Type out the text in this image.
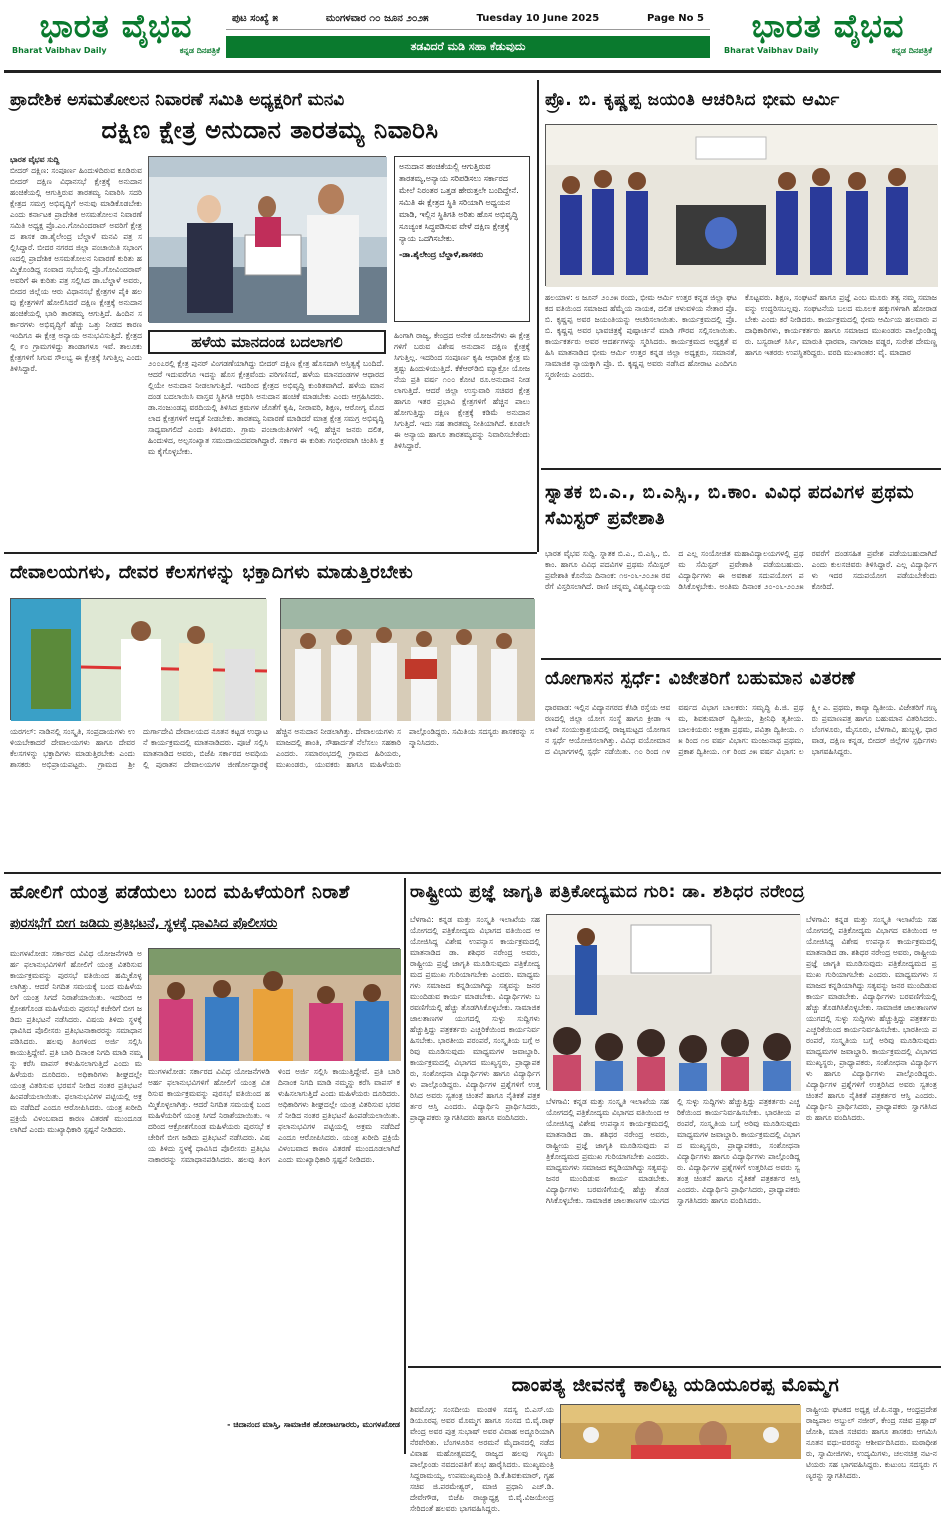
ಭಾರತ ವೈಭವ
Bharat Vaibhav Daily	ಕನ್ನಡ ದಿನಪತ್ರಿಕೆ
ಭಾರತ ವೈಭವ
Bharat Vaibhav Daily	ಕನ್ನಡ ದಿನಪತ್ರಿಕೆ
ಪುಟ ಸಂಖ್ಯೆ ೫	ಮಂಗಳವಾರ ೧೦ ಜೂನ ೨೦೨೫	Tuesday 10 June 2025	Page No 5
ತಡವಿದರೆ ಮಡಿ ಸಹಾ ಕೆಡುವುದು
ಪ್ರಾದೇಶಿಕ ಅಸಮತೋಲನ ನಿವಾರಣೆ ಸಮಿತಿ ಅಧ್ಯಕ್ಷರಿಗೆ ಮನವಿ
ದಕ್ಷಿಣ ಕ್ಷೇತ್ರ ಅನುದಾನ ತಾರತಮ್ಯ ನಿವಾರಿಸಿ
ಭಾರತ ವೈಭವ ಸುದ್ದಿ
ಬೀದರ್ ದಕ್ಷಿಣ: ಸಂಪೂರ್ಣ ಹಿಂದುಳಿದಿರುವ ಕೂಡಿರುವ ಬೀದರ್ ದಕ್ಷಿಣ ವಿಧಾನಸಭೆ ಕ್ಷೇತ್ರಕ್ಕೆ ಅನುದಾನ ಹಂಚಿಕೆಯಲ್ಲಿ ಆಗುತ್ತಿರುವ ತಾರತಮ್ಯ ನಿವಾರಿಸಿ ಸದರಿ ಕ್ಷೇತ್ರದ ಸಮಗ್ರ ಅಭಿವೃದ್ಧಿಗೆ ಅನುವು ಮಾಡಿಕೊಡಬೇಕು ಎಂದು ಕರ್ನಾಟಕ ಪ್ರಾದೇಶಿಕ ಅಸಮತೋಲನ ನಿವಾರಣೆ ಸಮಿತಿ ಅಧ್ಯಕ್ಷ ಪ್ರೊ.ಎಂ.ಗೋವಿಂದರಾವ್ ಅವರಿಗೆ ಕ್ಷೇತ್ರದ ಶಾಸಕ ಡಾ.ಶೈಲೇಂದ್ರ ಬೆಲ್ದಾಳೆ ಮನವಿ ಪತ್ರ ಸಲ್ಲಿಸಿದ್ದಾರೆ. ಬೀದರ ನಗರದ ಜಿಲ್ಲಾ ಪಂಚಾಯಿತಿ ಸಭಾಂಗಣದಲ್ಲಿ ಪ್ರಾದೇಶಿಕ ಅಸಮತೋಲನ ನಿವಾರಣೆ ಕುರಿತು ಹಮ್ಮಿಕೊಂಡಿದ್ದ ಸಂವಾದ ಸಭೆಯಲ್ಲಿ ಪ್ರೊ.ಗೋವಿಂದರಾವ್ ಅವರಿಗೆ ಈ ಕುರಿತು ಪತ್ರ ಸಲ್ಲಿಸಿದ ಡಾ.ಬೆಲ್ದಾಳೆ ಅವರು, ಬೀದರ ಜಿಲ್ಲೆಯ ಆರು ವಿಧಾನಸಭೆ ಕ್ಷೇತ್ರಗಳ ಪೈಕಿ ಹಲವು ಕ್ಷೇತ್ರಗಳಿಗೆ ಹೋಲಿಸಿದರೆ ದಕ್ಷಿಣ ಕ್ಷೇತ್ರಕ್ಕೆ ಅನುದಾನ ಹಂಚಿಕೆಯಲ್ಲಿ ಭಾರಿ ತಾರತಮ್ಯ ಆಗುತ್ತಿದೆ. ಹಿಂದಿನ ಸರ್ಕಾರಗಳು ಅಭಿವೃದ್ಧಿಗೆ ಹೆಚ್ಚು ಒತ್ತು ನೀಡದ ಕಾರಣ ಇಂದಿಗೂ ಈ ಕ್ಷೇತ್ರ ಅನ್ಯಾಯ ಅನುಭವಿಸುತ್ತಿದೆ. ಕ್ಷೇತ್ರದಲ್ಲಿ ೯೦ ಗ್ರಾಮಗಳಿದ್ದು ತಾಂಡಾಗಳೂ ಇವೆ. ತಾಲೂಕು ಕ್ಷೇತ್ರಗಳಿಗೆ ಸಿಗುವ ಸೌಲಭ್ಯ ಈ ಕ್ಷೇತ್ರಕ್ಕೆ ಸಿಗುತ್ತಿಲ್ಲ ಎಂದು ತಿಳಿಸಿದ್ದಾರೆ.
ಅನುದಾನ ಹಂಚಿಕೆಯಲ್ಲಿ ಆಗುತ್ತಿರುವ ತಾರತಮ್ಯ,ಅನ್ಯಾಯ ಸರಿಪಡಿಸಲು ಸರ್ಕಾರದ ಮೇಲೆ ನಿರಂತರ ಒತ್ತಡ ಹೇರುತ್ತಲೇ ಬಂದಿದ್ದೇನೆ. ಸಮಿತಿ ಈ ಕ್ಷೇತ್ರದ ಸ್ಥಿತಿ ಸರಿಯಾಗಿ ಅಧ್ಯಯನ ಮಾಡಿ, ಇಲ್ಲಿನ ಸ್ಥಿತಿಗತಿ ಅರಿತು ಹೊಸ ಅಭಿವೃದ್ಧಿ ಸೂಚ್ಯಂಕ ಸಿದ್ಧಪಡಿಸುವ ವೇಳೆ ದಕ್ಷಿಣ ಕ್ಷೇತ್ರಕ್ಕೆ ನ್ಯಾಯ ಒದಗಿಸಬೇಕು.
-ಡಾ.ಶೈಲೇಂದ್ರ ಬೆಲ್ದಾಳೆ,ಶಾಸಕರು
ಹಳೆಯ ಮಾನದಂಡ ಬದಲಾಗಲಿ
೨೦೦೭ರಲ್ಲಿ ಕ್ಷೇತ್ರ ಪುನರ್ ವಿಂಗಡಣೆಯಾಗಿದ್ದು ಬೀದರ್ ದಕ್ಷಿಣ ಕ್ಷೇತ್ರ ಹೊಸದಾಗಿ ಅಸ್ತಿತ್ವಕ್ಕೆ ಬಂದಿದೆ. ಆದರೆ ಇದುವರೆಗೂ ಇದನ್ನು ಹೊಸ ಕ್ಷೇತ್ರವೆಂದು ಪರಿಗಣಿಸದೆ, ಹಳೆಯ ಮಾನದಂಡಗಳ ಆಧಾರದಲ್ಲಿಯೇ ಅನುದಾನ ನೀಡಲಾಗುತ್ತಿದೆ. ಇದರಿಂದ ಕ್ಷೇತ್ರದ ಅಭಿವೃದ್ಧಿ ಕುಂಠಿತವಾಗಿದೆ. ಹಳೆಯ ಮಾನದಂಡ ಬದಲಾಯಿಸಿ ವಾಸ್ತವ ಸ್ಥಿತಿಗತಿ ಆಧರಿಸಿ ಅನುದಾನ ಹಂಚಿಕೆ ಮಾಡಬೇಕು ಎಂದು ಆಗ್ರಹಿಸಿದರು. ಡಾ.ನಂಜುಂಡಪ್ಪ ವರದಿಯಲ್ಲಿ ತಿಳಿಸಿದ ಕ್ರಮಗಳ ಜೊತೆಗೆ ಕೃಷಿ, ನೀರಾವರಿ, ಶಿಕ್ಷಣ, ಆರೋಗ್ಯ ಮೊದಲಾದ ಕ್ಷೇತ್ರಗಳಿಗೆ ಆದ್ಯತೆ ನೀಡಬೇಕು. ತಾರತಮ್ಯ ನಿವಾರಣೆ ಮಾಡಿದರೆ ಮಾತ್ರ ಕ್ಷೇತ್ರ ಸಮಗ್ರ ಅಭಿವೃದ್ಧಿ ಸಾಧ್ಯವಾಗಲಿದೆ ಎಂದು ತಿಳಿಸಿದರು. ಗ್ರಾಮ ಪಂಚಾಯಿತಿಗಳಿಗೆ ಇಲ್ಲಿ ಹೆಚ್ಚಿನ ಜನರು ದಲಿತ,ಹಿಂದುಳಿದ, ಅಲ್ಪಸಂಖ್ಯಾತ ಸಮುದಾಯದವರಾಗಿದ್ದಾರೆ. ಸರ್ಕಾರ ಈ ಕುರಿತು ಗಂಭೀರವಾಗಿ ಚಿಂತಿಸಿ ಕ್ರಮ ಕೈಗೊಳ್ಳಬೇಕು.
ಹಿಂಗಾಗಿ ರಾಜ್ಯ, ಕೇಂದ್ರದ ಅನೇಕ ಯೋಜನೆಗಳು ಈ ಕ್ಷೇತ್ರಗಳಿಗೆ ಬರುವ ವಿಶೇಷ ಅನುದಾನ ದಕ್ಷಿಣ ಕ್ಷೇತ್ರಕ್ಕೆ ಸಿಗುತ್ತಿಲ್ಲ. ಇದರಿಂದ ಸಂಪೂರ್ಣ ಕೃಷಿ ಆಧಾರಿತ ಕ್ಷೇತ್ರ ಮತ್ತಷ್ಟು ಹಿಂದುಳಿಯುತ್ತಿದೆ. ಕೆಕೆಆರ್‌ಡಿಬಿ ಮ್ಯಾಕ್ರೋ ಯೋಜನೆಯ ಪ್ರತಿ ವರ್ಷ ೧೦೦ ಕೋಟಿ ರೂ.ಅನುದಾನ ನೀಡಲಾಗುತ್ತಿದೆ. ಆದರೆ ಜಿಲ್ಲಾ ಉಸ್ತುವಾರಿ ಸಚಿವರ ಕ್ಷೇತ್ರ ಹಾಗೂ ಇತರ ಪ್ರಭಾವಿ ಕ್ಷೇತ್ರಗಳಿಗೆ ಹೆಚ್ಚಿನ ಪಾಲು ಹೋಗುತ್ತಿದ್ದು ದಕ್ಷಿಣ ಕ್ಷೇತ್ರಕ್ಕೆ ಕಡಿಮೆ ಅನುದಾನ ಸಿಗುತ್ತಿದೆ. ಇದು ಸಹ ತಾರತಮ್ಯ ನೀತಿಯಾಗಿದೆ. ಕೂಡಲೇ ಈ ಅನ್ಯಾಯ ಹಾಗೂ ತಾರತಮ್ಯವನ್ನು ನಿವಾರಿಸಬೇಕೆಂದು ತಿಳಿಸಿದ್ದಾರೆ.
ಪ್ರೊ. ಬಿ. ಕೃಷ್ಣಪ್ಪ ಜಯಂತಿ ಆಚರಿಸಿದ ಭೀಮ ಆರ್ಮಿ
ಹಲಯಾಳ: ೮ ಜೂನ್ ೨೦೨೫ ರಂದು, ಭೀಮ ಆರ್ಮಿ ಉತ್ತರ ಕನ್ನಡ ಜಿಲ್ಲಾ ಘಟಕದ ವತಿಯಿಂದ ಸಮಾಜದ ಹೆಮ್ಮೆಯ ನಾಯಕ, ದಲಿತ ಚಳುವಳಿಯ ನೇತಾರ ಪ್ರೊ. ಬಿ. ಕೃಷ್ಣಪ್ಪ ಅವರ ಜಯಂತಿಯನ್ನು ಆಚರಿಸಲಾಯಿತು. ಕಾರ್ಯಕ್ರಮದಲ್ಲಿ ಪ್ರೊ. ಬಿ. ಕೃಷ್ಣಪ್ಪ ಅವರ ಭಾವಚಿತ್ರಕ್ಕೆ ಪುಷ್ಪಾರ್ಚನೆ ಮಾಡಿ ಗೌರವ ಸಲ್ಲಿಸಲಾಯಿತು. ಕಾರ್ಯಕರ್ತರು ಅವರ ಆದರ್ಶಗಳನ್ನು ಸ್ಮರಿಸಿದರು. ಕಾರ್ಯಕ್ರಮದ ಅಧ್ಯಕ್ಷತೆ ವಹಿಸಿ ಮಾತನಾಡಿದ ಭೀಮ ಆರ್ಮಿ ಉತ್ತರ ಕನ್ನಡ ಜಿಲ್ಲಾ ಅಧ್ಯಕ್ಷರು, ಸಮಾನತೆ, ಸಾಮಾಜಿಕ ನ್ಯಾಯಕ್ಕಾಗಿ ಪ್ರೊ. ಬಿ. ಕೃಷ್ಣಪ್ಪ ಅವರು ನಡೆಸಿದ ಹೋರಾಟ ಎಂದಿಗೂ ಸ್ಮರಣೀಯ ಎಂದರು.
ಕೊಟ್ಟವರು. ಶಿಕ್ಷಣ, ಸಂಘಟನೆ ಹಾಗೂ ಪ್ರಜ್ಞೆ ಎಂಬ ಮೂರು ತತ್ವ ನಮ್ಮ ಸಮಾಜವನ್ನು ಉದ್ಧರಿಸಬಲ್ಲವು. ಸಂಘಟನೆಯ ಬಲದ ಮೂಲಕ ಹಕ್ಕುಗಳಿಗಾಗಿ ಹೋರಾಡಬೇಕು ಎಂದು ಕರೆ ನೀಡಿದರು. ಕಾರ್ಯಕ್ರಮದಲ್ಲಿ ಭೀಮ ಆರ್ಮಿಯ ಹಲವಾರು ಪದಾಧಿಕಾರಿಗಳು, ಕಾರ್ಯಕರ್ತರು ಹಾಗೂ ಸಮಾಜದ ಮುಖಂಡರು ಪಾಲ್ಗೊಂಡಿದ್ದರು. ಬಸ್ವರಾಜ್ ಸಿರ್ಸಿ, ಮಾರುತಿ ಧಾರವಾ, ನಾಗರಾಜ ವಡ್ಡರ, ಸುರೇಶ ದೇಮಣ್ಣ ಹಾಗೂ ಇತರರು ಉಪಸ್ಥಿತರಿದ್ದರು. ವರದಿ ಮುಖಾಂತರ: ವೈ. ಮಾದಾರ
ಸ್ನಾತಕ ಬಿ.ಎ., ಬಿ.ಎಸ್ಸಿ., ಬಿ.ಕಾಂ. ವಿವಿಧ ಪದವಿಗಳ ಪ್ರಥಮ ಸೆಮಿಸ್ಟರ್ ಪ್ರವೇಶಾತಿ
ಭಾರತ ವೈಭವ ಸುದ್ದಿ. ಸ್ನಾತಕ ಬಿ.ಎ., ಬಿ.ಎಸ್ಸಿ., ಬಿ.ಕಾಂ. ಹಾಗೂ ವಿವಿಧ ಪದವಿಗಳ ಪ್ರಥಮ ಸೆಮಿಸ್ಟರ್ ಪ್ರವೇಶಾತಿ ಕೊನೆಯ ದಿನಾಂಕ: ೧೮-೦೬-೨೦೨೫ ರವರೆಗೆ ವಿಸ್ತರಿಸಲಾಗಿದೆ. ರಾಣಿ ಚನ್ನಮ್ಮ ವಿಶ್ವವಿದ್ಯಾಲಯದ ಎಲ್ಲ ಸಂಯೋಜಿತ ಮಹಾವಿದ್ಯಾಲಯಗಳಲ್ಲಿ ಪ್ರಥಮ ಸೆಮಿಸ್ಟರ್ ಪ್ರವೇಶಾತಿ ಪಡೆಯಬಹುದು. ವಿದ್ಯಾರ್ಥಿಗಳು ಈ ಅವಕಾಶ ಸದುಪಯೋಗ ಪಡಿಸಿಕೊಳ್ಳಬೇಕು. ಅಂತಿಮ ದಿನಾಂಕ ೨೦-೦೬-೨೦೨೫ ರವರೆಗೆ ದಂಡಸಹಿತ ಪ್ರವೇಶ ಪಡೆಯಬಹುದಾಗಿದೆ ಎಂದು ಕುಲಸಚಿವರು ತಿಳಿಸಿದ್ದಾರೆ. ಎಲ್ಲ ವಿದ್ಯಾರ್ಥಿಗಳು ಇದರ ಸದುಪಯೋಗ ಪಡೆಯಬೇಕೆಂದು ಕೋರಿದೆ.
ಯೋಗಾಸನ ಸ್ಪರ್ಧೆ: ವಿಜೇತರಿಗೆ ಬಹುಮಾನ ವಿತರಣೆ
ಧಾರವಾಡ: ಇಲ್ಲಿನ ವಿದ್ಯಾನಗರದ ಕೆಸಿಡಿ ರಸ್ತೆಯ ಆವರಣದಲ್ಲಿ ಜಿಲ್ಲಾ ಯೋಗ ಸಂಸ್ಥೆ ಹಾಗೂ ಕ್ರೀಡಾ ಇಲಾಖೆ ಸಂಯುಕ್ತಾಶ್ರಯದಲ್ಲಿ ರಾಜ್ಯಮಟ್ಟದ ಯೋಗಾಸನ ಸ್ಪರ್ಧೆ ಆಯೋಜಿಸಲಾಗಿತ್ತು. ವಿವಿಧ ವಯೋಮಾನದ ವಿಭಾಗಗಳಲ್ಲಿ ಸ್ಪರ್ಧೆ ನಡೆಯಿತು. ೧೦ ರಿಂದ ೧೪ ವರ್ಷದ ವಿಭಾಗ ಬಾಲಕರು: ಸಮೃದ್ಧಿ ಪಿ.ಜಿ. ಪ್ರಥಮ, ಶಿವಕುಮಾರ್ ದ್ವಿತೀಯ, ಶ್ರೀನಿಧಿ ತೃತೀಯ. ಬಾಲಕಿಯರು: ಅಕ್ಷತಾ ಪ್ರಥಮ, ಪವಿತ್ರಾ ದ್ವಿತೀಯ. ೧೫ ರಿಂದ ೧೮ ವರ್ಷ ವಿಭಾಗ: ಮಂಜುನಾಥ ಪ್ರಥಮ, ಪ್ರಕಾಶ ದ್ವಿತೀಯ. ೧೯ ರಿಂದ ೨೫ ವರ್ಷ ವಿಭಾಗ: ಲಕ್ಷ್ಮೀ ಎ. ಪ್ರಥಮ, ಕಾವ್ಯಾ ದ್ವಿತೀಯ. ವಿಜೇತರಿಗೆ ಗಣ್ಯರು ಪ್ರಮಾಣಪತ್ರ ಹಾಗೂ ಬಹುಮಾನ ವಿತರಿಸಿದರು. ಬೆಂಗಳೂರು, ಮೈಸೂರು, ಬೆಳಗಾವಿ, ಹುಬ್ಬಳ್ಳಿ, ಧಾರವಾಡ, ದಕ್ಷಿಣ ಕನ್ನಡ, ಬೀದರ್ ಜಿಲ್ಲೆಗಳ ಸ್ಪರ್ಧಿಗಳು ಭಾಗವಹಿಸಿದ್ದರು.
ದೇವಾಲಯಗಳು, ದೇವರ ಕೆಲಸಗಳನ್ನು ಭಕ್ತಾದಿಗಳು ಮಾಡುತ್ತಿರಬೇಕು
ಯರಗಲ್: ನಾಡಿನಲ್ಲಿ ಸಂಸ್ಕೃತಿ, ಸಂಪ್ರದಾಯಗಳು ಉಳಿಯಬೇಕಾದರೆ ದೇವಾಲಯಗಳು ಹಾಗೂ ದೇವರ ಕೆಲಸಗಳನ್ನು ಭಕ್ತಾದಿಗಳು ಮಾಡುತ್ತಿರಬೇಕು ಎಂದು ಶಾಸಕರು ಅಭಿಪ್ರಾಯಪಟ್ಟರು. ಗ್ರಾಮದ ಶ್ರೀ ದುರ್ಗಾದೇವಿ ದೇವಾಲಯದ ನೂತನ ಕಟ್ಟಡ ಉದ್ಘಾಟನೆ ಕಾರ್ಯಕ್ರಮದಲ್ಲಿ ಮಾತನಾಡಿದರು. ಪೂಜೆ ಸಲ್ಲಿಸಿ ಮಾತನಾಡಿದ ಅವರು, ಬಿಜೆಪಿ ಸರ್ಕಾರದ ಅವಧಿಯಲ್ಲಿ ಪುರಾತನ ದೇವಾಲಯಗಳ ಜೀರ್ಣೋದ್ಧಾರಕ್ಕೆ ಹೆಚ್ಚಿನ ಅನುದಾನ ನೀಡಲಾಗಿತ್ತು. ದೇವಾಲಯಗಳು ಸಮಾಜದಲ್ಲಿ ಶಾಂತಿ, ಸೌಹಾರ್ದತೆ ನೆಲೆಸಲು ಸಹಕಾರಿ ಎಂದರು. ಸಮಾರಂಭದಲ್ಲಿ ಗ್ರಾಮದ ಹಿರಿಯರು, ಮುಖಂಡರು, ಯುವಕರು ಹಾಗೂ ಮಹಿಳೆಯರು ಪಾಲ್ಗೊಂಡಿದ್ದರು. ಸಮಿತಿಯ ಸದಸ್ಯರು ಶಾಸಕರನ್ನು ಸನ್ಮಾನಿಸಿದರು.
ಹೋಲಿಗೆ ಯಂತ್ರ ಪಡೆಯಲು ಬಂದ ಮಹಿಳೆಯರಿಗೆ ನಿರಾಶೆ
ಪುರಸಭೆಗೆ ಬೀಗ ಜಡಿದು ಪ್ರತಿಭಟನೆ, ಸ್ಥಳಕ್ಕೆ ಧಾವಿಸಿದ ಪೊಲೀಸರು
ಮುಗಳಖೋಡ: ಸರ್ಕಾರದ ವಿವಿಧ ಯೋಜನೆಗಳಡಿ ಅರ್ಹ ಫಲಾನುಭವಿಗಳಿಗೆ ಹೋಲಿಗೆ ಯಂತ್ರ ವಿತರಿಸುವ ಕಾರ್ಯಕ್ರಮವನ್ನು ಪುರಸಭೆ ವತಿಯಿಂದ ಹಮ್ಮಿಕೊಳ್ಳಲಾಗಿತ್ತು. ಆದರೆ ನಿಗದಿತ ಸಮಯಕ್ಕೆ ಬಂದ ಮಹಿಳೆಯರಿಗೆ ಯಂತ್ರ ಸಿಗದೆ ನಿರಾಶೆಯಾಯಿತು. ಇದರಿಂದ ಆಕ್ರೋಶಗೊಂಡ ಮಹಿಳೆಯರು ಪುರಸಭೆ ಕಚೇರಿಗೆ ಬೀಗ ಜಡಿದು ಪ್ರತಿಭಟನೆ ನಡೆಸಿದರು. ವಿಷಯ ತಿಳಿದು ಸ್ಥಳಕ್ಕೆ ಧಾವಿಸಿದ ಪೊಲೀಸರು ಪ್ರತಿಭಟನಾಕಾರರನ್ನು ಸಮಾಧಾನಪಡಿಸಿದರು. ಹಲವು ತಿಂಗಳಿಂದ ಅರ್ಜಿ ಸಲ್ಲಿಸಿ ಕಾಯುತ್ತಿದ್ದೇವೆ. ಪ್ರತಿ ಬಾರಿ ದಿನಾಂಕ ನಿಗದಿ ಮಾಡಿ ನಮ್ಮನ್ನು ಕರೆಸಿ ವಾಪಸ್ ಕಳುಹಿಸಲಾಗುತ್ತಿದೆ ಎಂದು ಮಹಿಳೆಯರು ದೂರಿದರು. ಅಧಿಕಾರಿಗಳು ಶೀಘ್ರದಲ್ಲೇ ಯಂತ್ರ ವಿತರಿಸುವ ಭರವಸೆ ನೀಡಿದ ನಂತರ ಪ್ರತಿಭಟನೆ ಹಿಂಪಡೆಯಲಾಯಿತು. ಫಲಾನುಭವಿಗಳ ಪಟ್ಟಿಯಲ್ಲಿ ಅಕ್ರಮ ನಡೆದಿದೆ ಎಂದೂ ಆರೋಪಿಸಿದರು. ಯಂತ್ರ ಖರೀದಿ ಪ್ರಕ್ರಿಯೆ ವಿಳಂಬವಾದ ಕಾರಣ ವಿತರಣೆ ಮುಂದೂಡಲಾಗಿದೆ ಎಂದು ಮುಖ್ಯಾಧಿಕಾರಿ ಸ್ಪಷ್ಟನೆ ನೀಡಿದರು.
ಮುಗಳಖೋಡ: ಸರ್ಕಾರದ ವಿವಿಧ ಯೋಜನೆಗಳಡಿ ಅರ್ಹ ಫಲಾನುಭವಿಗಳಿಗೆ ಹೋಲಿಗೆ ಯಂತ್ರ ವಿತರಿಸುವ ಕಾರ್ಯಕ್ರಮವನ್ನು ಪುರಸಭೆ ವತಿಯಿಂದ ಹಮ್ಮಿಕೊಳ್ಳಲಾಗಿತ್ತು. ಆದರೆ ನಿಗದಿತ ಸಮಯಕ್ಕೆ ಬಂದ ಮಹಿಳೆಯರಿಗೆ ಯಂತ್ರ ಸಿಗದೆ ನಿರಾಶೆಯಾಯಿತು. ಇದರಿಂದ ಆಕ್ರೋಶಗೊಂಡ ಮಹಿಳೆಯರು ಪುರಸಭೆ ಕಚೇರಿಗೆ ಬೀಗ ಜಡಿದು ಪ್ರತಿಭಟನೆ ನಡೆಸಿದರು. ವಿಷಯ ತಿಳಿದು ಸ್ಥಳಕ್ಕೆ ಧಾವಿಸಿದ ಪೊಲೀಸರು ಪ್ರತಿಭಟನಾಕಾರರನ್ನು ಸಮಾಧಾನಪಡಿಸಿದರು. ಹಲವು ತಿಂಗಳಿಂದ ಅರ್ಜಿ ಸಲ್ಲಿಸಿ ಕಾಯುತ್ತಿದ್ದೇವೆ. ಪ್ರತಿ ಬಾರಿ ದಿನಾಂಕ ನಿಗದಿ ಮಾಡಿ ನಮ್ಮನ್ನು ಕರೆಸಿ ವಾಪಸ್ ಕಳುಹಿಸಲಾಗುತ್ತಿದೆ ಎಂದು ಮಹಿಳೆಯರು ದೂರಿದರು. ಅಧಿಕಾರಿಗಳು ಶೀಘ್ರದಲ್ಲೇ ಯಂತ್ರ ವಿತರಿಸುವ ಭರವಸೆ ನೀಡಿದ ನಂತರ ಪ್ರತಿಭಟನೆ ಹಿಂಪಡೆಯಲಾಯಿತು. ಫಲಾನುಭವಿಗಳ ಪಟ್ಟಿಯಲ್ಲಿ ಅಕ್ರಮ ನಡೆದಿದೆ ಎಂದೂ ಆರೋಪಿಸಿದರು. ಯಂತ್ರ ಖರೀದಿ ಪ್ರಕ್ರಿಯೆ ವಿಳಂಬವಾದ ಕಾರಣ ವಿತರಣೆ ಮುಂದೂಡಲಾಗಿದೆ ಎಂದು ಮುಖ್ಯಾಧಿಕಾರಿ ಸ್ಪಷ್ಟನೆ ನೀಡಿದರು.
- ಚಿದಾನಂದ ಮಾಸ್ತಿ, ಸಾಮಾಜಿಕ ಹೋರಾಟಗಾರರು, ಮುಗಳಖೋಡ
ರಾಷ್ಟ್ರೀಯ ಪ್ರಜ್ಞೆ ಜಾಗೃತಿ ಪತ್ರಿಕೋದ್ಯಮದ ಗುರಿ: ಡಾ. ಶಶಿಧರ ನರೇಂದ್ರ
ಬೆಳಗಾವಿ: ಕನ್ನಡ ಮತ್ತು ಸಂಸ್ಕೃತಿ ಇಲಾಖೆಯ ಸಹಯೋಗದಲ್ಲಿ ಪತ್ರಿಕೋದ್ಯಮ ವಿಭಾಗದ ವತಿಯಿಂದ ಆಯೋಜಿಸಿದ್ದ ವಿಶೇಷ ಉಪನ್ಯಾಸ ಕಾರ್ಯಕ್ರಮದಲ್ಲಿ ಮಾತನಾಡಿದ ಡಾ. ಶಶಿಧರ ನರೇಂದ್ರ ಅವರು, ರಾಷ್ಟ್ರೀಯ ಪ್ರಜ್ಞೆ ಜಾಗೃತಿ ಮೂಡಿಸುವುದು ಪತ್ರಿಕೋದ್ಯಮದ ಪ್ರಮುಖ ಗುರಿಯಾಗಬೇಕು ಎಂದರು. ಮಾಧ್ಯಮಗಳು ಸಮಾಜದ ಕನ್ನಡಿಯಾಗಿದ್ದು ಸತ್ಯವನ್ನು ಜನರ ಮುಂದಿಡುವ ಕಾರ್ಯ ಮಾಡಬೇಕು. ವಿದ್ಯಾರ್ಥಿಗಳು ಬರವಣಿಗೆಯಲ್ಲಿ ಹೆಚ್ಚು ತೊಡಗಿಸಿಕೊಳ್ಳಬೇಕು. ಸಾಮಾಜಿಕ ಜಾಲತಾಣಗಳ ಯುಗದಲ್ಲಿ ಸುಳ್ಳು ಸುದ್ದಿಗಳು ಹೆಚ್ಚುತ್ತಿದ್ದು ಪತ್ರಕರ್ತರು ಎಚ್ಚರಿಕೆಯಿಂದ ಕಾರ್ಯನಿರ್ವಹಿಸಬೇಕು. ಭಾರತೀಯ ಪರಂಪರೆ, ಸಂಸ್ಕೃತಿಯ ಬಗ್ಗೆ ಅರಿವು ಮೂಡಿಸುವುದು ಮಾಧ್ಯಮಗಳ ಜವಾಬ್ದಾರಿ. ಕಾರ್ಯಕ್ರಮದಲ್ಲಿ ವಿಭಾಗದ ಮುಖ್ಯಸ್ಥರು, ಪ್ರಾಧ್ಯಾಪಕರು, ಸಂಶೋಧನಾ ವಿದ್ಯಾರ್ಥಿಗಳು ಹಾಗೂ ವಿದ್ಯಾರ್ಥಿಗಳು ಪಾಲ್ಗೊಂಡಿದ್ದರು. ವಿದ್ಯಾರ್ಥಿಗಳ ಪ್ರಶ್ನೆಗಳಿಗೆ ಉತ್ತರಿಸಿದ ಅವರು ಸ್ವತಂತ್ರ ಚಿಂತನೆ ಹಾಗೂ ನೈತಿಕತೆ ಪತ್ರಕರ್ತರ ಆಸ್ತಿ ಎಂದರು. ವಿದ್ಯಾರ್ಥಿನಿ ಪ್ರಾರ್ಥಿಸಿದರು, ಪ್ರಾಧ್ಯಾಪಕರು ಸ್ವಾಗತಿಸಿದರು ಹಾಗೂ ವಂದಿಸಿದರು.
ಬೆಳಗಾವಿ: ಕನ್ನಡ ಮತ್ತು ಸಂಸ್ಕೃತಿ ಇಲಾಖೆಯ ಸಹಯೋಗದಲ್ಲಿ ಪತ್ರಿಕೋದ್ಯಮ ವಿಭಾಗದ ವತಿಯಿಂದ ಆಯೋಜಿಸಿದ್ದ ವಿಶೇಷ ಉಪನ್ಯಾಸ ಕಾರ್ಯಕ್ರಮದಲ್ಲಿ ಮಾತನಾಡಿದ ಡಾ. ಶಶಿಧರ ನರೇಂದ್ರ ಅವರು, ರಾಷ್ಟ್ರೀಯ ಪ್ರಜ್ಞೆ ಜಾಗೃತಿ ಮೂಡಿಸುವುದು ಪತ್ರಿಕೋದ್ಯಮದ ಪ್ರಮುಖ ಗುರಿಯಾಗಬೇಕು ಎಂದರು. ಮಾಧ್ಯಮಗಳು ಸಮಾಜದ ಕನ್ನಡಿಯಾಗಿದ್ದು ಸತ್ಯವನ್ನು ಜನರ ಮುಂದಿಡುವ ಕಾರ್ಯ ಮಾಡಬೇಕು. ವಿದ್ಯಾರ್ಥಿಗಳು ಬರವಣಿಗೆಯಲ್ಲಿ ಹೆಚ್ಚು ತೊಡಗಿಸಿಕೊಳ್ಳಬೇಕು. ಸಾಮಾಜಿಕ ಜಾಲತಾಣಗಳ ಯುಗದಲ್ಲಿ ಸುಳ್ಳು ಸುದ್ದಿಗಳು ಹೆಚ್ಚುತ್ತಿದ್ದು ಪತ್ರಕರ್ತರು ಎಚ್ಚರಿಕೆಯಿಂದ ಕಾರ್ಯನಿರ್ವಹಿಸಬೇಕು. ಭಾರತೀಯ ಪರಂಪರೆ, ಸಂಸ್ಕೃತಿಯ ಬಗ್ಗೆ ಅರಿವು ಮೂಡಿಸುವುದು ಮಾಧ್ಯಮಗಳ ಜವಾಬ್ದಾರಿ. ಕಾರ್ಯಕ್ರಮದಲ್ಲಿ ವಿಭಾಗದ ಮುಖ್ಯಸ್ಥರು, ಪ್ರಾಧ್ಯಾಪಕರು, ಸಂಶೋಧನಾ ವಿದ್ಯಾರ್ಥಿಗಳು ಹಾಗೂ ವಿದ್ಯಾರ್ಥಿಗಳು ಪಾಲ್ಗೊಂಡಿದ್ದರು. ವಿದ್ಯಾರ್ಥಿಗಳ ಪ್ರಶ್ನೆಗಳಿಗೆ ಉತ್ತರಿಸಿದ ಅವರು ಸ್ವತಂತ್ರ ಚಿಂತನೆ ಹಾಗೂ ನೈತಿಕತೆ ಪತ್ರಕರ್ತರ ಆಸ್ತಿ ಎಂದರು. ವಿದ್ಯಾರ್ಥಿನಿ ಪ್ರಾರ್ಥಿಸಿದರು, ಪ್ರಾಧ್ಯಾಪಕರು ಸ್ವಾಗತಿಸಿದರು ಹಾಗೂ ವಂದಿಸಿದರು.
ಬೆಳಗಾವಿ: ಕನ್ನಡ ಮತ್ತು ಸಂಸ್ಕೃತಿ ಇಲಾಖೆಯ ಸಹಯೋಗದಲ್ಲಿ ಪತ್ರಿಕೋದ್ಯಮ ವಿಭಾಗದ ವತಿಯಿಂದ ಆಯೋಜಿಸಿದ್ದ ವಿಶೇಷ ಉಪನ್ಯಾಸ ಕಾರ್ಯಕ್ರಮದಲ್ಲಿ ಮಾತನಾಡಿದ ಡಾ. ಶಶಿಧರ ನರೇಂದ್ರ ಅವರು, ರಾಷ್ಟ್ರೀಯ ಪ್ರಜ್ಞೆ ಜಾಗೃತಿ ಮೂಡಿಸುವುದು ಪತ್ರಿಕೋದ್ಯಮದ ಪ್ರಮುಖ ಗುರಿಯಾಗಬೇಕು ಎಂದರು. ಮಾಧ್ಯಮಗಳು ಸಮಾಜದ ಕನ್ನಡಿಯಾಗಿದ್ದು ಸತ್ಯವನ್ನು ಜನರ ಮುಂದಿಡುವ ಕಾರ್ಯ ಮಾಡಬೇಕು. ವಿದ್ಯಾರ್ಥಿಗಳು ಬರವಣಿಗೆಯಲ್ಲಿ ಹೆಚ್ಚು ತೊಡಗಿಸಿಕೊಳ್ಳಬೇಕು. ಸಾಮಾಜಿಕ ಜಾಲತಾಣಗಳ ಯುಗದಲ್ಲಿ ಸುಳ್ಳು ಸುದ್ದಿಗಳು ಹೆಚ್ಚುತ್ತಿದ್ದು ಪತ್ರಕರ್ತರು ಎಚ್ಚರಿಕೆಯಿಂದ ಕಾರ್ಯನಿರ್ವಹಿಸಬೇಕು. ಭಾರತೀಯ ಪರಂಪರೆ, ಸಂಸ್ಕೃತಿಯ ಬಗ್ಗೆ ಅರಿವು ಮೂಡಿಸುವುದು ಮಾಧ್ಯಮಗಳ ಜವಾಬ್ದಾರಿ. ಕಾರ್ಯಕ್ರಮದಲ್ಲಿ ವಿಭಾಗದ ಮುಖ್ಯಸ್ಥರು, ಪ್ರಾಧ್ಯಾಪಕರು, ಸಂಶೋಧನಾ ವಿದ್ಯಾರ್ಥಿಗಳು ಹಾಗೂ ವಿದ್ಯಾರ್ಥಿಗಳು ಪಾಲ್ಗೊಂಡಿದ್ದರು. ವಿದ್ಯಾರ್ಥಿಗಳ ಪ್ರಶ್ನೆಗಳಿಗೆ ಉತ್ತರಿಸಿದ ಅವರು ಸ್ವತಂತ್ರ ಚಿಂತನೆ ಹಾಗೂ ನೈತಿಕತೆ ಪತ್ರಕರ್ತರ ಆಸ್ತಿ ಎಂದರು. ವಿದ್ಯಾರ್ಥಿನಿ ಪ್ರಾರ್ಥಿಸಿದರು, ಪ್ರಾಧ್ಯಾಪಕರು ಸ್ವಾಗತಿಸಿದರು ಹಾಗೂ ವಂದಿಸಿದರು.
ದಾಂಪತ್ಯ ಜೀವನಕ್ಕೆ ಕಾಲಿಟ್ಟ ಯಡಿಯೂರಪ್ಪ ಮೊಮ್ಮಗ
ಶಿವಮೊಗ್ಗ: ಸಂಸದೀಯ ಮಂಡಳಿ ಸದಸ್ಯ ಬಿ.ಎಸ್.ಯಡಿಯೂರಪ್ಪ ಅವರ ಮೊಮ್ಮಗ ಹಾಗೂ ಸಂಸದ ಬಿ.ವೈ.ರಾಘವೇಂದ್ರ ಅವರ ಪುತ್ರ ಸುಭಾಷ್ ಅವರ ವಿವಾಹ ಅದ್ಧೂರಿಯಾಗಿ ನೆರವೇರಿತು. ಬೆಂಗಳೂರಿನ ಅರಮನೆ ಮೈದಾನದಲ್ಲಿ ನಡೆದ ವಿವಾಹ ಮಹೋತ್ಸವದಲ್ಲಿ ರಾಜ್ಯದ ಹಲವು ಗಣ್ಯರು ಪಾಲ್ಗೊಂಡು ನವದಂಪತಿಗೆ ಶುಭ ಹಾರೈಸಿದರು. ಮುಖ್ಯಮಂತ್ರಿ ಸಿದ್ದರಾಮಯ್ಯ, ಉಪಮುಖ್ಯಮಂತ್ರಿ ಡಿ.ಕೆ.ಶಿವಕುಮಾರ್, ಗೃಹ ಸಚಿವ ಜಿ.ಪರಮೇಶ್ವರ್, ಮಾಜಿ ಪ್ರಧಾನಿ ಎಚ್.ಡಿ.ದೇವೇಗೌಡ, ಬಿಜೆಪಿ ರಾಜ್ಯಾಧ್ಯಕ್ಷ ಬಿ.ವೈ.ವಿಜಯೇಂದ್ರ ಸೇರಿದಂತೆ ಹಲವರು ಭಾಗವಹಿಸಿದ್ದರು.
ರಾಷ್ಟ್ರೀಯ ಘಟಕದ ಅಧ್ಯಕ್ಷ ಜೆ.ಪಿ.ನಡ್ಡಾ, ಆಂಧ್ರಪ್ರದೇಶ ರಾಜ್ಯಪಾಲ ಅಬ್ದುಲ್ ನಜೀರ್, ಕೇಂದ್ರ ಸಚಿವ ಪ್ರಹ್ಲಾದ್ ಜೋಶಿ, ಮಾಜಿ ಸಚಿವರು ಹಾಗೂ ಶಾಸಕರು ಆಗಮಿಸಿ ನೂತನ ವಧು-ವರರನ್ನು ಆಶೀರ್ವದಿಸಿದರು. ಮಠಾಧೀಶರು, ಸ್ವಾಮೀಜಿಗಳು, ಉದ್ಯಮಿಗಳು, ಚಲನಚಿತ್ರ ನಟ-ನಟಿಯರು ಸಹ ಭಾಗವಹಿಸಿದ್ದರು. ಕುಟುಂಬ ಸದಸ್ಯರು ಗಣ್ಯರನ್ನು ಸ್ವಾಗತಿಸಿದರು.
